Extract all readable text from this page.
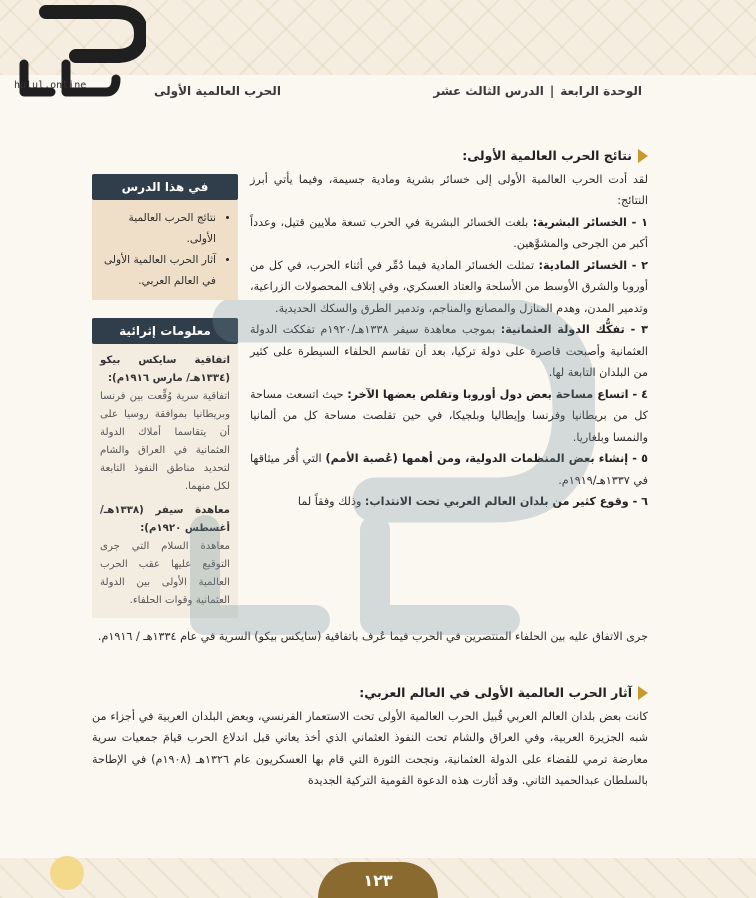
hulul.online	الوحدة الرابعة
|
الدرس الثالث عشر
الحرب العالمية الأولى
في هذا الدرس
• نتائج الحرب العالمية الأولى.
• آثار الحرب العالمية الأولى في العالم العربي.
معلومات إثرائية
اتفاقية سايكس بيكو (١٣٣٤هـ/ مارس ١٩١٦م):
اتفاقية سرية وُقِّعت بين فرنسا وبريطانيا بموافقة روسيا على أن يتقاسما أملاك الدولة العثمانية في العراق والشام لتحديد مناطق النفوذ التابعة لكل منهما.
معاهدة سيفر (١٣٣٨هـ/أغسطس ١٩٢٠م):
معاهدة السلام التي جرى التوقيع عليها عقب الحرب العالمية الأولى بين الدولة العثمانية وقوات الحلفاء.
نتائج الحرب العالمية الأولى:

لقد أدت الحرب العالمية الأولى إلى خسائر بشرية ومادية جسيمة، وفيما يأتي أبرز النتائج:

١ - الخسائر البشرية: بلغت الخسائر البشرية في الحرب تسعة ملايين قتيل، وعدداً أكبر من الجرحى والمشوَّهين.

٢ - الخسائر المادية: تمثلت الخسائر المادية فيما دُمِّر في أثناء الحرب، في كل من أوروبا والشرق الأوسط من الأسلحة والعتاد العسكري، وفي إتلاف المحصولات الزراعية، وتدمير المدن، وهدم المنازل والمصانع والمناجم، وتدمير الطرق والسكك الحديدية.

٣ - تفكُّك الدولة العثمانية: بموجب معاهدة سيفر ١٣٣٨هـ/١٩٢٠م تفككت الدولة العثمانية وأصبحت قاصرة على دولة تركيا، بعد أن تقاسم الحلفاء السيطرة على كثير من البلدان التابعة لها.

٤ - اتساع مساحة بعض دول أوروبا وتقلص بعضها الآخر: حيث اتسعت مساحة كل من بريطانيا وفرنسا وإيطاليا وبلجيكا، في حين تقلصت مساحة كل من ألمانيا والنمسا وبلغاريا.

٥ - إنشاء بعض المنظمات الدولية، ومن أهمها (عُصبة الأمم) التي أُقر ميثاقها في ١٣٣٧هـ/١٩١٩م.

٦ - وقوع كثير من بلدان العالم العربي تحت الانتداب: وذلك وفقاً لما

جرى الاتفاق عليه بين الحلفاء المنتصرين في الحرب فيما عُرف باتفاقية (سايكس بيكو) السرية في عام ١٣٣٤هـ / ١٩١٦م.

آثار الحرب العالمية الأولى في العالم العربي:

كانت بعض بلدان العالم العربي قُبيل الحرب العالمية الأولى تحت الاستعمار الفرنسي، وبعض البلدان العربية في أجزاء من شبه الجزيرة العربية، وفي العراق والشام تحت النفوذ العثماني الذي أخذ يعاني قبل اندلاع الحرب قيامَ جمعيات سرية معارضة ترمي للقضاء على الدولة العثمانية، ونجحت الثورة التي قام بها العسكريون عام ١٣٢٦هـ (١٩٠٨م) في الإطاحة بالسلطان عبدالحميد الثاني. وقد أثارت هذه الدعوة القومية التركية الجديدة

١٢٣
